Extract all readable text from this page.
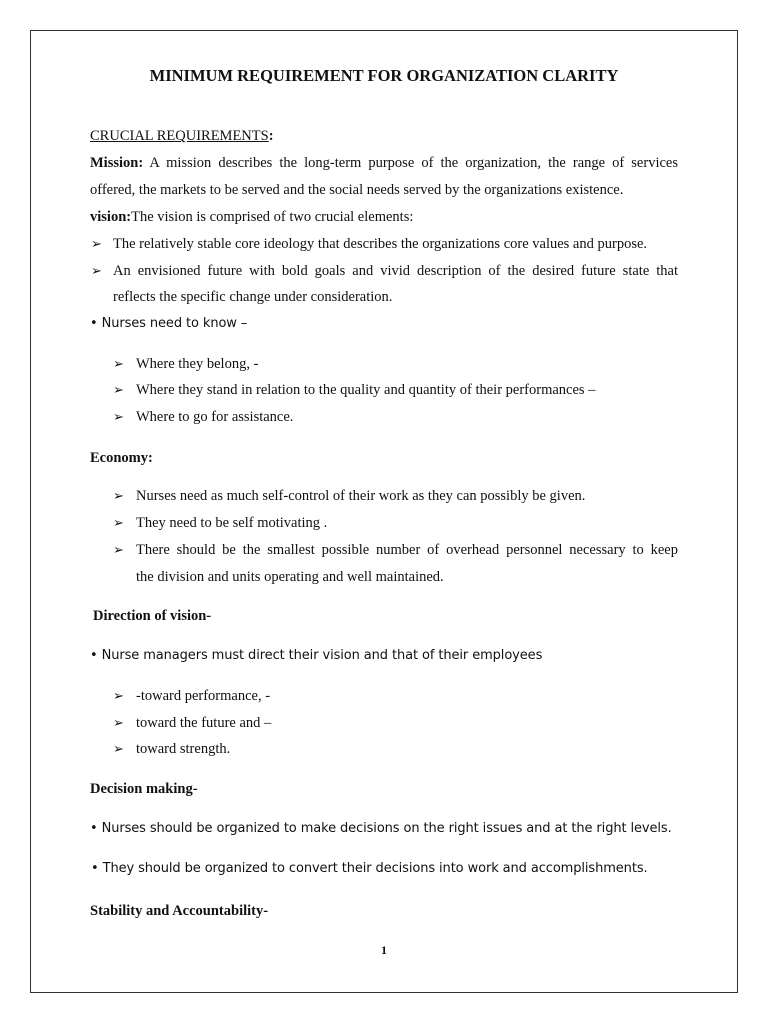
MINIMUM REQUIREMENT FOR ORGANIZATION CLARITY
CRUCIAL REQUIREMENTS:
Mission: A mission describes the long-term purpose of the organization, the range of services
offered, the markets to be served and the social needs served by the organizations existence.
vision:The vision is comprised of two crucial elements:
➢ The relatively stable core ideology that describes the organizations core values and purpose.
➢ An envisioned future with bold goals and vivid description of the desired future state that
reflects the specific change under consideration.
• Nurses need to know –
➢ Where they belong, -
➢ Where they stand in relation to the quality and quantity of their performances –
➢ Where to go for assistance.
Economy:
➢ Nurses need as much self-control of their work as they can possibly be given.
➢ They need to be self motivating .
➢ There should be the smallest possible number of overhead personnel necessary to keep
the division and units operating and well maintained.
Direction of vision-
• Nurse managers must direct their vision and that of their employees
➢ -toward performance, -
➢ toward the future and –
➢ toward strength.
Decision making-
• Nurses should be organized to make decisions on the right issues and at the right levels.
• They should be organized to convert their decisions into work and accomplishments.
Stability and Accountability-
1
